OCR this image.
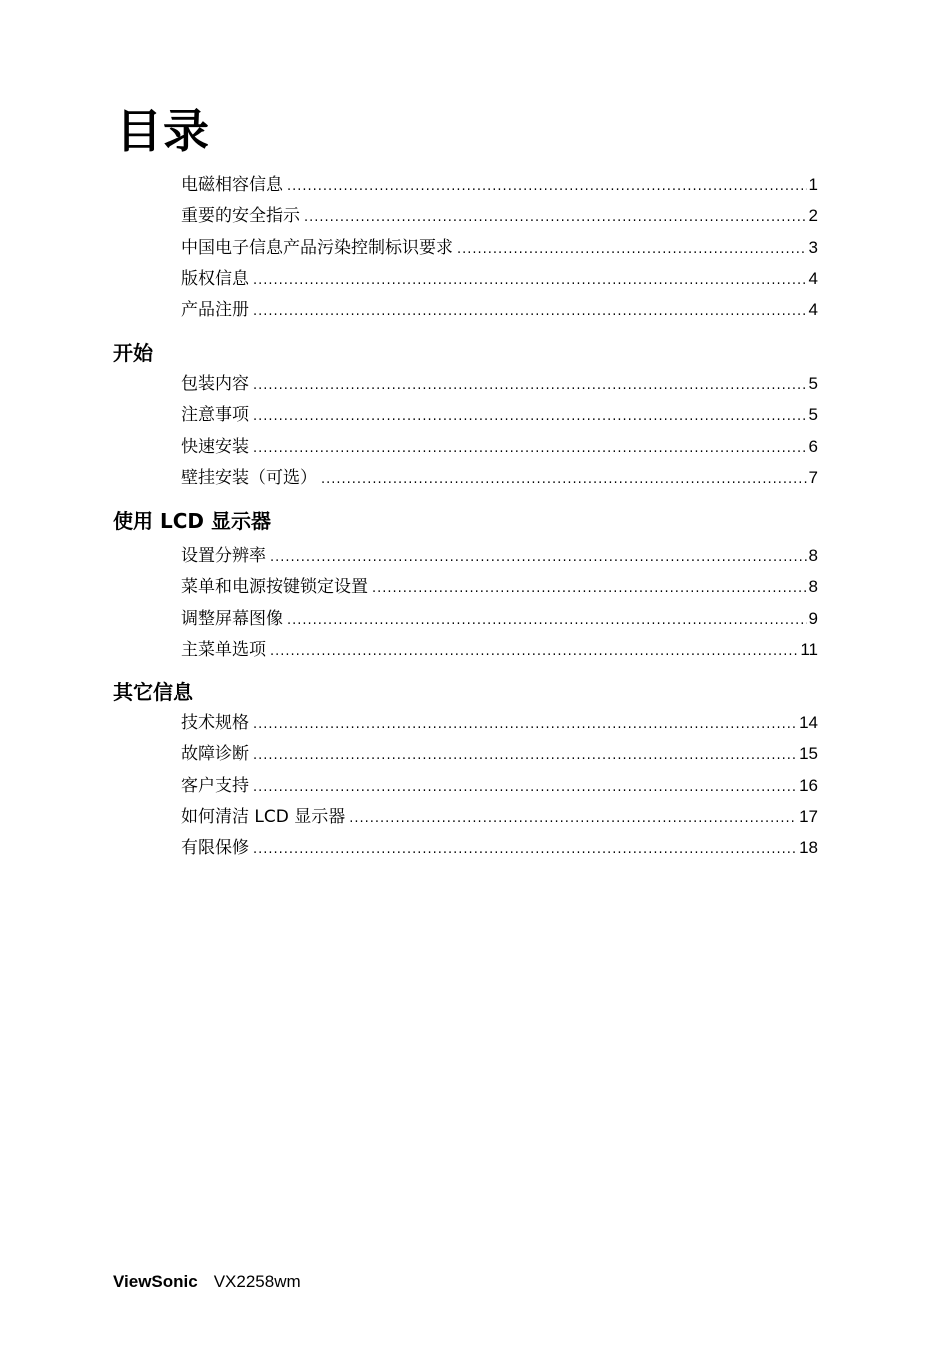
目录
电磁相容信息 .....	1
重要的安全指示 .....	2
中国电子信息产品污染控制标识要求 .....	3
版权信息 .....	4
产品注册 .....	4
开始
包装内容 .....	5
注意事项 .....	5
快速安装 .....	6
壁挂安装（可选） .....	7
使用 LCD 显示器
设置分辨率 .....	8
菜单和电源按键锁定设置 .....	8
调整屏幕图像 .....	9
主菜单选项 .....	11
其它信息
技术规格 .....	14
故障诊断 .....	15
客户支持 .....	16
如何清洁 LCD 显示器 .....	17
有限保修 .....	18
ViewSonic VX2258wm
